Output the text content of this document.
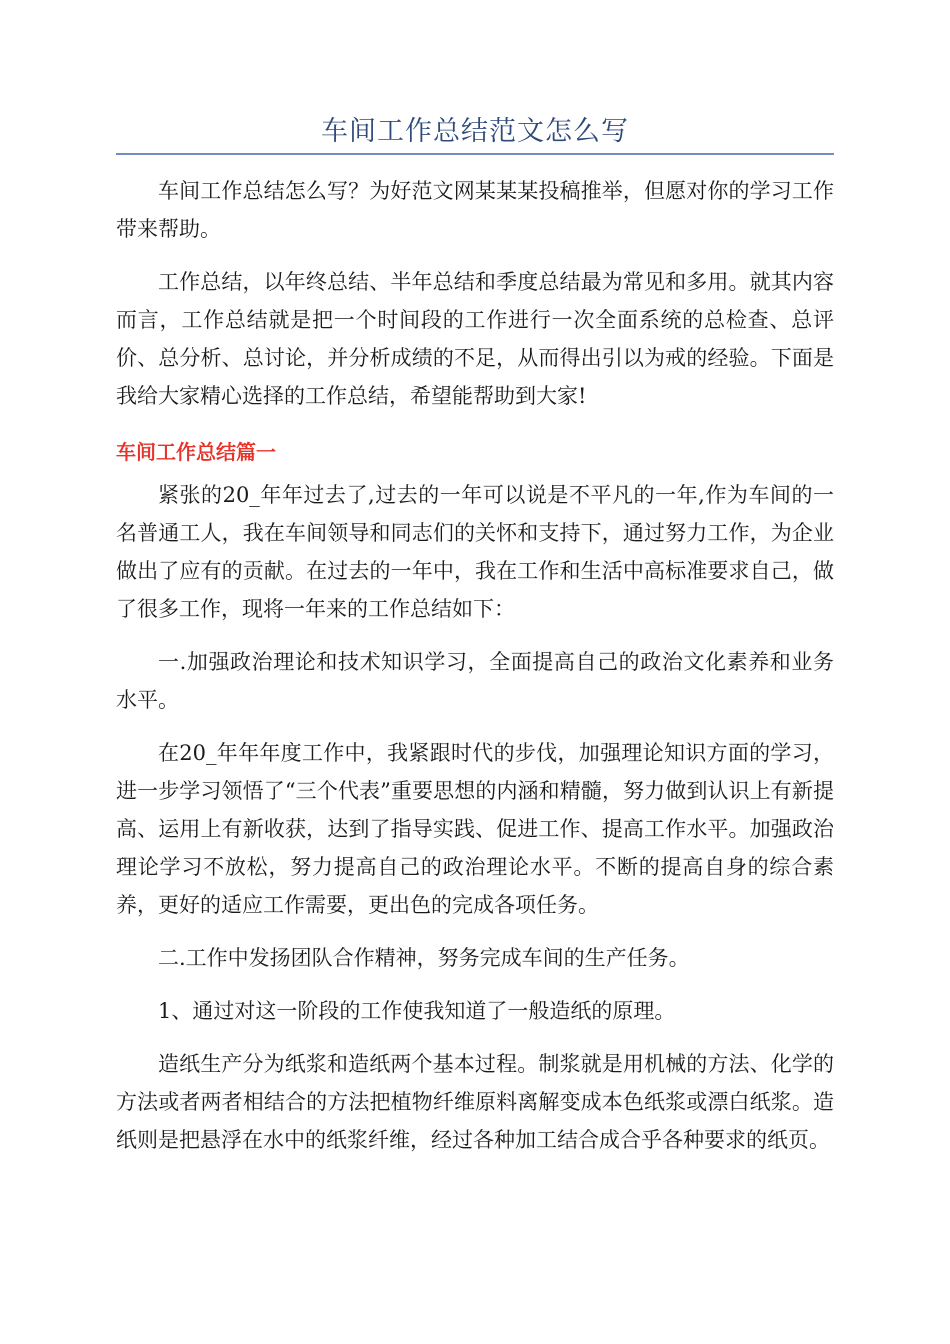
车间工作总结范文怎么写

车间工作总结怎么写？为好范文网某某某投稿推举，但愿对你的学习工作带来帮助。

工作总结，以年终总结、半年总结和季度总结最为常见和多用。就其内容而言，工作总结就是把一个时间段的工作进行一次全面系统的总检查、总评价、总分析、总讨论，并分析成绩的不足，从而得出引以为戒的经验。下面是我给大家精心选择的工作总结，希望能帮助到大家!

车间工作总结篇一

紧张的20_年年过去了,过去的一年可以说是不平凡的一年,作为车间的一名普通工人，我在车间领导和同志们的关怀和支持下，通过努力工作，为企业做出了应有的贡献。在过去的一年中，我在工作和生活中高标准要求自己，做了很多工作，现将一年来的工作总结如下：

一.加强政治理论和技术知识学习，全面提高自己的政治文化素养和业务水平。

在20_年年年度工作中，我紧跟时代的步伐，加强理论知识方面的学习，进一步学习领悟了“三个代表”重要思想的内涵和精髓，努力做到认识上有新提高、运用上有新收获，达到了指导实践、促进工作、提高工作水平。加强政治理论学习不放松，努力提高自己的政治理论水平。不断的提高自身的综合素养，更好的适应工作需要，更出色的完成各项任务。

二.工作中发扬团队合作精神，努务完成车间的生产任务。

1、通过对这一阶段的工作使我知道了一般造纸的原理。

造纸生产分为纸浆和造纸两个基本过程。制浆就是用机械的方法、化学的方法或者两者相结合的方法把植物纤维原料离解变成本色纸浆或漂白纸浆。造纸则是把悬浮在水中的纸浆纤维，经过各种加工结合成合乎各种要求的纸页。
